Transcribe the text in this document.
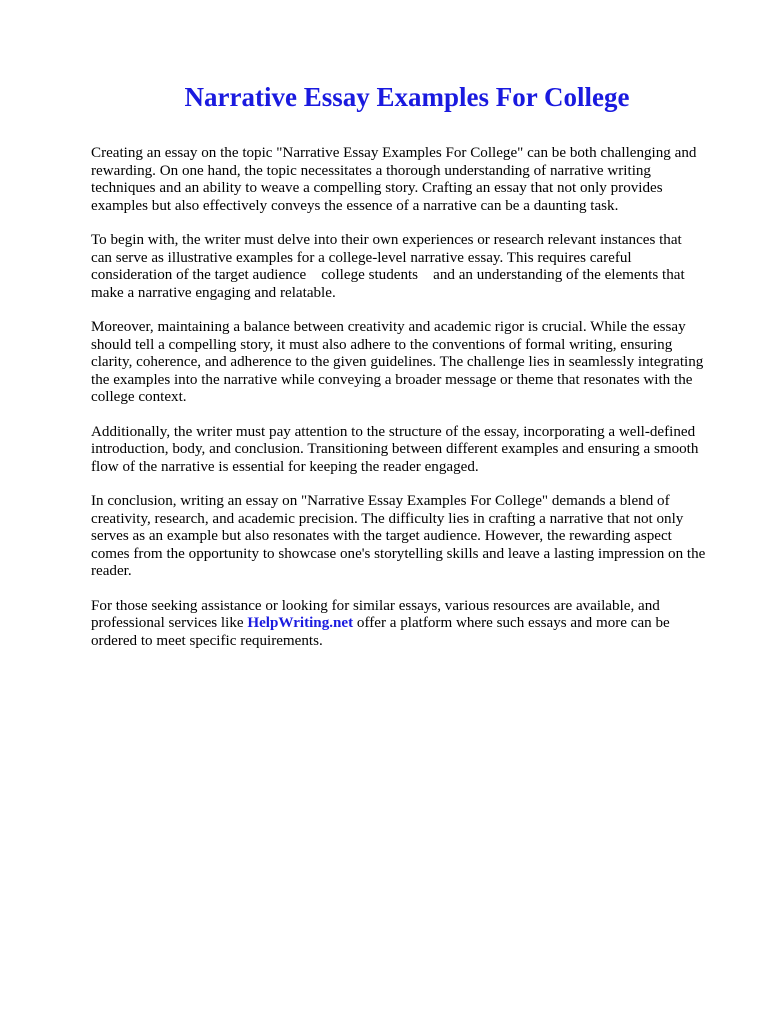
Narrative Essay Examples For College

Creating an essay on the topic "Narrative Essay Examples For College" can be both challenging and
rewarding. On one hand, the topic necessitates a thorough understanding of narrative writing
techniques and an ability to weave a compelling story. Crafting an essay that not only provides
examples but also effectively conveys the essence of a narrative can be a daunting task.

To begin with, the writer must delve into their own experiences or research relevant instances that
can serve as illustrative examples for a college-level narrative essay. This requires careful
consideration of the target audience    college students    and an understanding of the elements that
make a narrative engaging and relatable.

Moreover, maintaining a balance between creativity and academic rigor is crucial. While the essay
should tell a compelling story, it must also adhere to the conventions of formal writing, ensuring
clarity, coherence, and adherence to the given guidelines. The challenge lies in seamlessly integrating
the examples into the narrative while conveying a broader message or theme that resonates with the
college context.

Additionally, the writer must pay attention to the structure of the essay, incorporating a well-defined
introduction, body, and conclusion. Transitioning between different examples and ensuring a smooth
flow of the narrative is essential for keeping the reader engaged.

In conclusion, writing an essay on "Narrative Essay Examples For College" demands a blend of
creativity, research, and academic precision. The difficulty lies in crafting a narrative that not only
serves as an example but also resonates with the target audience. However, the rewarding aspect
comes from the opportunity to showcase one's storytelling skills and leave a lasting impression on the
reader.

For those seeking assistance or looking for similar essays, various resources are available, and
professional services like HelpWriting.net offer a platform where such essays and more can be
ordered to meet specific requirements.
